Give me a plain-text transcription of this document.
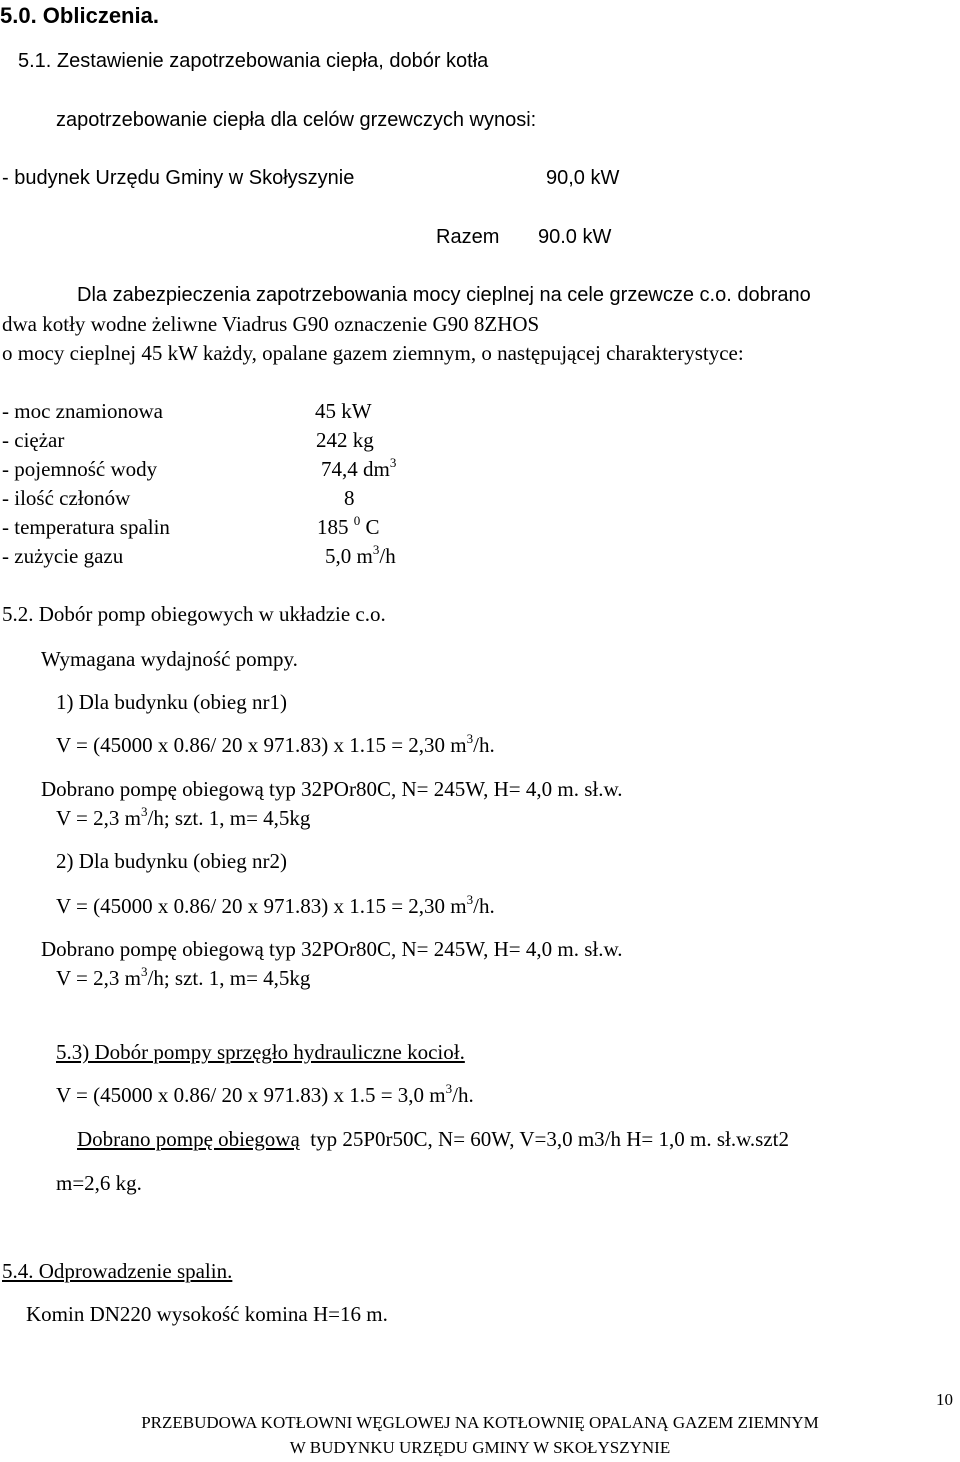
5.0. Obliczenia.
5.1. Zestawienie zapotrzebowania ciepła, dobór kotła
zapotrzebowanie ciepła dla celów grzewczych wynosi:
- budynek Urzędu Gminy w Skołyszynie	90,0 kW
Razem 90.0 kW
Dla zabezpieczenia zapotrzebowania mocy cieplnej na cele grzewcze c.o. dobrano
dwa kotły wodne żeliwne Viadrus G90 oznaczenie G90 8ZHOS
o mocy cieplnej 45 kW każdy, opalane gazem ziemnym, o następującej charakterystyce:
- moc znamionowa	45 kW
- ciężar	242 kg
- pojemność wody	74,4 $dm^3$
- ilość członów	8
- temperatura spalin	185 $^0$ C
- zużycie gazu	5,0 $m^3/h$
5.2. Dobór pomp obiegowych w układzie c.o.
Wymagana wydajność pompy.
1) Dla budynku (obieg nr1)
V = (45000 x 0.86/ 20 x 971.83) x 1.15 = 2,30 $m^3/h$.
Dobrano pompę obiegową typ 32POr80C, N= 245W, H= 4,0 m. sł.w.
V = 2,3 $m^3/h$; szt. 1, m= 4,5kg
2) Dla budynku (obieg nr2)
V = (45000 x 0.86/ 20 x 971.83) x 1.15 = 2,30 $m^3/h$.
Dobrano pompę obiegową typ 32POr80C, N= 245W, H= 4,0 m. sł.w.
V = 2,3 $m^3/h$; szt. 1, m= 4,5kg
5.3) Dobór pompy sprzęgło hydrauliczne kocioł.
V = (45000 x 0.86/ 20 x 971.83) x 1.5 = 3,0 $m^3/h$.
Dobrano pompę obiegową typ 25P0r50C, N= 60W, V=3,0 m3/h H= 1,0 m. sł.w.szt2
m=2,6 kg.
5.4. Odprowadzenie spalin.
Komin DN220 wysokość komina H=16 m.
10
PRZEBUDOWA KOTŁOWNI WĘGLOWEJ NA KOTŁOWNIĘ OPALANĄ GAZEM ZIEMNYM
W BUDYNKU URZĘDU GMINY W SKOŁYSZYNIE
